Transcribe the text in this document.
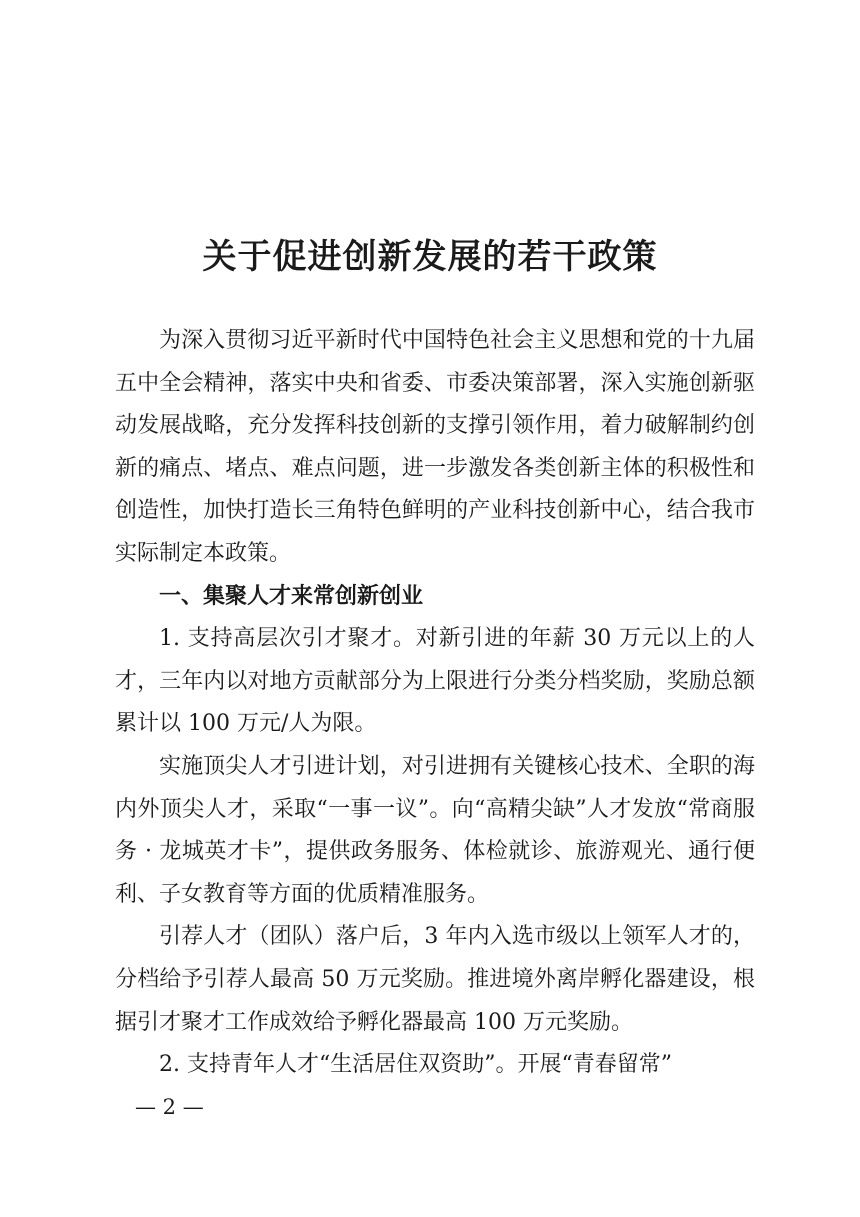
关于促进创新发展的若干政策

为深入贯彻习近平新时代中国特色社会主义思想和党的十九届五中全会精神，落实中央和省委、市委决策部署，深入实施创新驱动发展战略，充分发挥科技创新的支撑引领作用，着力破解制约创新的痛点、堵点、难点问题，进一步激发各类创新主体的积极性和创造性，加快打造长三角特色鲜明的产业科技创新中心，结合我市实际制定本政策。

一、集聚人才来常创新创业

1. 支持高层次引才聚才。对新引进的年薪 30 万元以上的人才，三年内以对地方贡献部分为上限进行分类分档奖励，奖励总额累计以 100 万元/人为限。

实施顶尖人才引进计划，对引进拥有关键核心技术、全职的海内外顶尖人才，采取“一事一议”。向“高精尖缺”人才发放“常商服务 · 龙城英才卡”，提供政务服务、体检就诊、旅游观光、通行便利、子女教育等方面的优质精准服务。

引荐人才（团队）落户后，3 年内入选市级以上领军人才的，分档给予引荐人最高 50 万元奖励。推进境外离岸孵化器建设，根据引才聚才工作成效给予孵化器最高 100 万元奖励。

2. 支持青年人才“生活居住双资助”。开展“青春留常”

— 2 —
